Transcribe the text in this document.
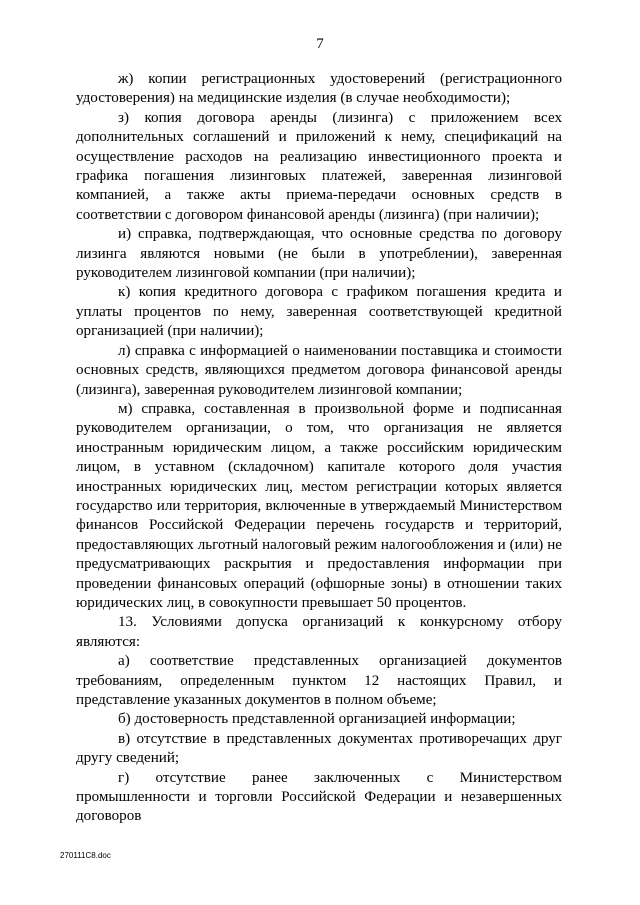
7

ж) копии регистрационных удостоверений (регистрационного удостоверения) на медицинские изделия (в случае необходимости);

з) копия договора аренды (лизинга) с приложением всех дополнительных соглашений и приложений к нему, спецификаций на осуществление расходов на реализацию инвестиционного проекта и графика погашения лизинговых платежей, заверенная лизинговой компанией, а также акты приема-передачи основных средств в соответствии с договором финансовой аренды (лизинга) (при наличии);

и) справка, подтверждающая, что основные средства по договору лизинга являются новыми (не были в употреблении), заверенная руководителем лизинговой компании (при наличии);

к) копия кредитного договора с графиком погашения кредита и уплаты процентов по нему, заверенная соответствующей кредитной организацией (при наличии);

л) справка с информацией о наименовании поставщика и стоимости основных средств, являющихся предметом договора финансовой аренды (лизинга), заверенная руководителем лизинговой компании;

м) справка, составленная в произвольной форме и подписанная руководителем организации, о том, что организация не является иностранным юридическим лицом, а также российским юридическим лицом, в уставном (складочном) капитале которого доля участия иностранных юридических лиц, местом регистрации которых является государство или территория, включенные в утверждаемый Министерством финансов Российской Федерации перечень государств и территорий, предоставляющих льготный налоговый режим налогообложения и (или) не предусматривающих раскрытия и предоставления информации при проведении финансовых операций (офшорные зоны) в отношении таких юридических лиц, в совокупности превышает 50 процентов.

13. Условиями допуска организаций к конкурсному отбору являются:

а) соответствие представленных организацией документов требованиям, определенным пунктом 12 настоящих Правил, и представление указанных документов в полном объеме;

б) достоверность представленной организацией информации;

в) отсутствие в представленных документах противоречащих друг другу сведений;

г) отсутствие ранее заключенных с Министерством промышленности и торговли Российской Федерации и незавершенных договоров

270111C8.doc
